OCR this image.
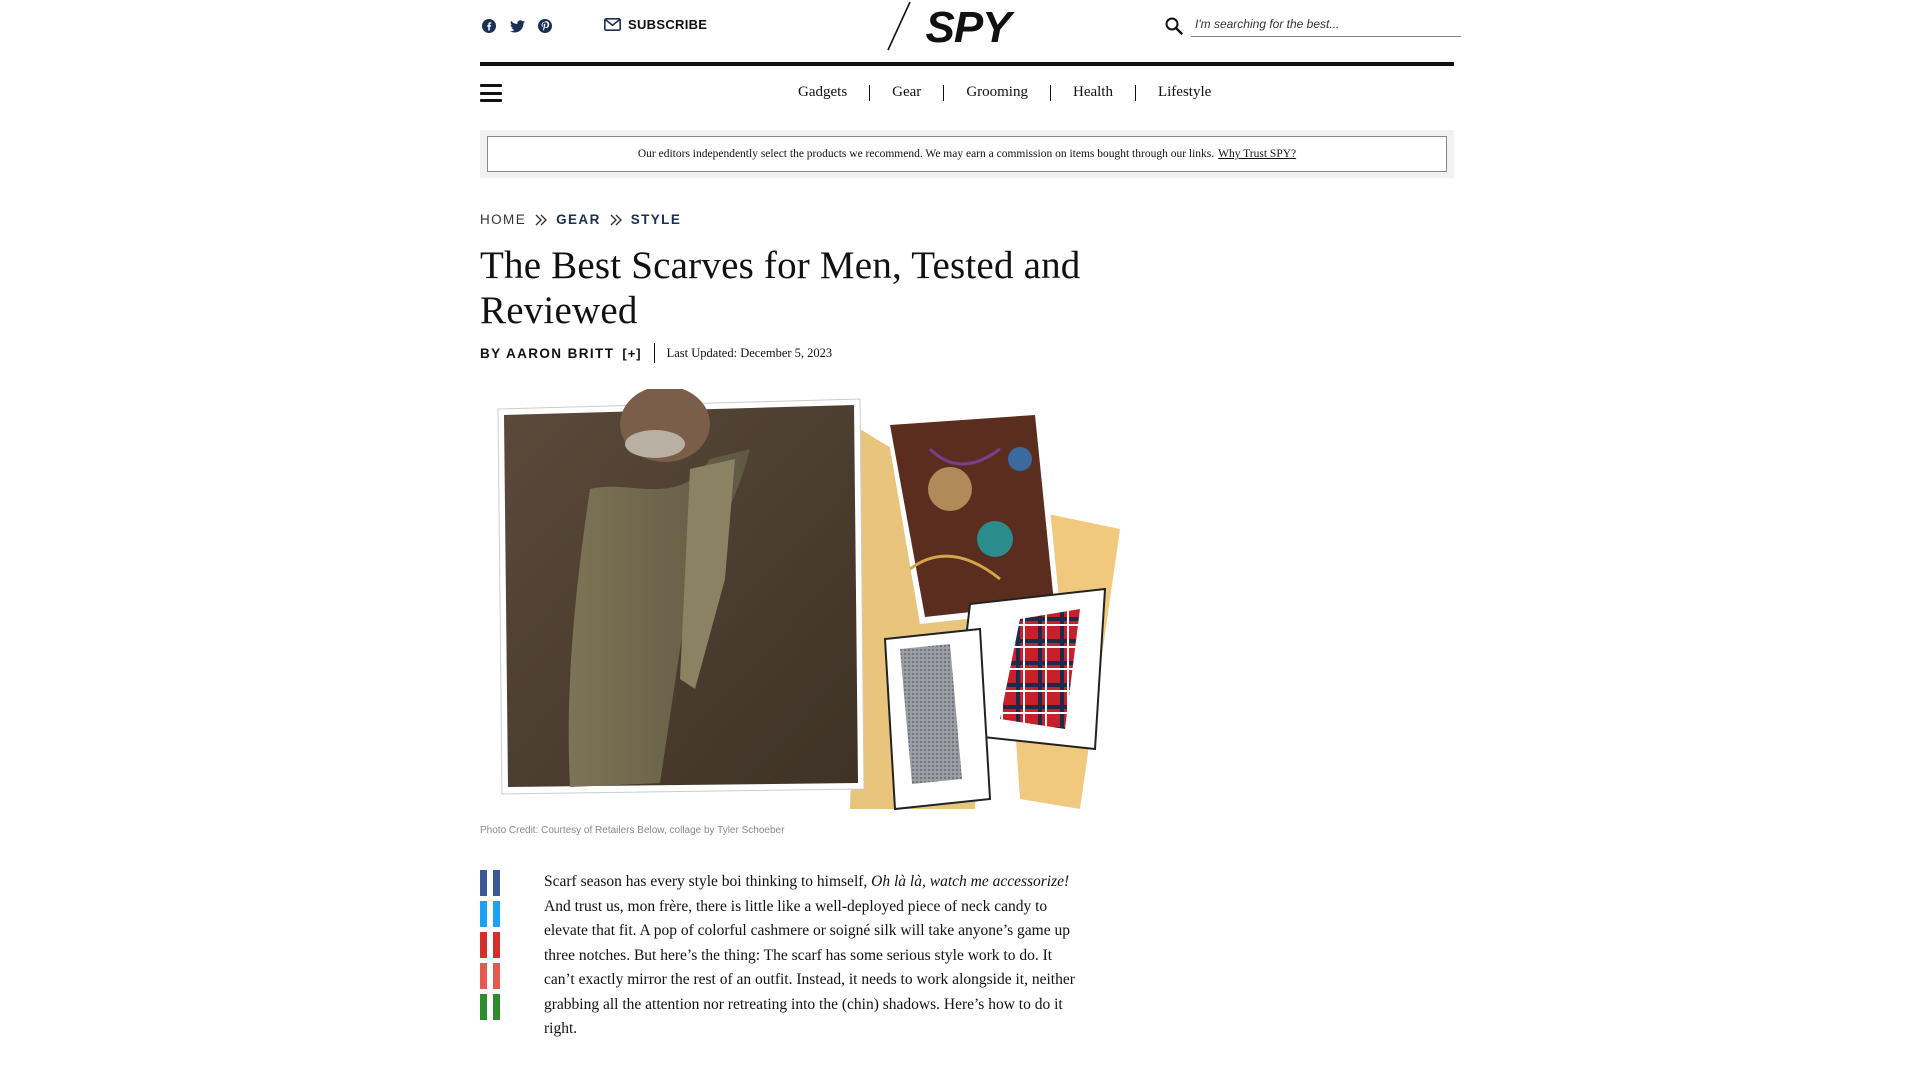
SUBSCRIBE	SPY
I'm searching for the best...
Gadgets	Gear	Grooming	Health	Lifestyle
Our editors independently select the products we recommend. We may earn a commission on items bought through our links. Why Trust SPY?
HOME GEAR STYLE
The Best Scarves for Men, Tested and Reviewed
BY AARON BRITT [+] Last Updated: December 5, 2023
Photo Credit: Courtesy of Retailers Below, collage by Tyler Schoeber

Scarf season has every style boi thinking to himself, Oh là là, watch me accessorize! And trust us, mon frère, there is little like a well-deployed piece of neck candy to elevate that fit. A pop of colorful cashmere or soigné silk will take anyone’s game up three notches. But here’s the thing: The scarf has some serious style work to do. It can’t exactly mirror the rest of an outfit. Instead, it needs to work alongside it, neither grabbing all the attention nor retreating into the (chin) shadows. Here’s how to do it right.
